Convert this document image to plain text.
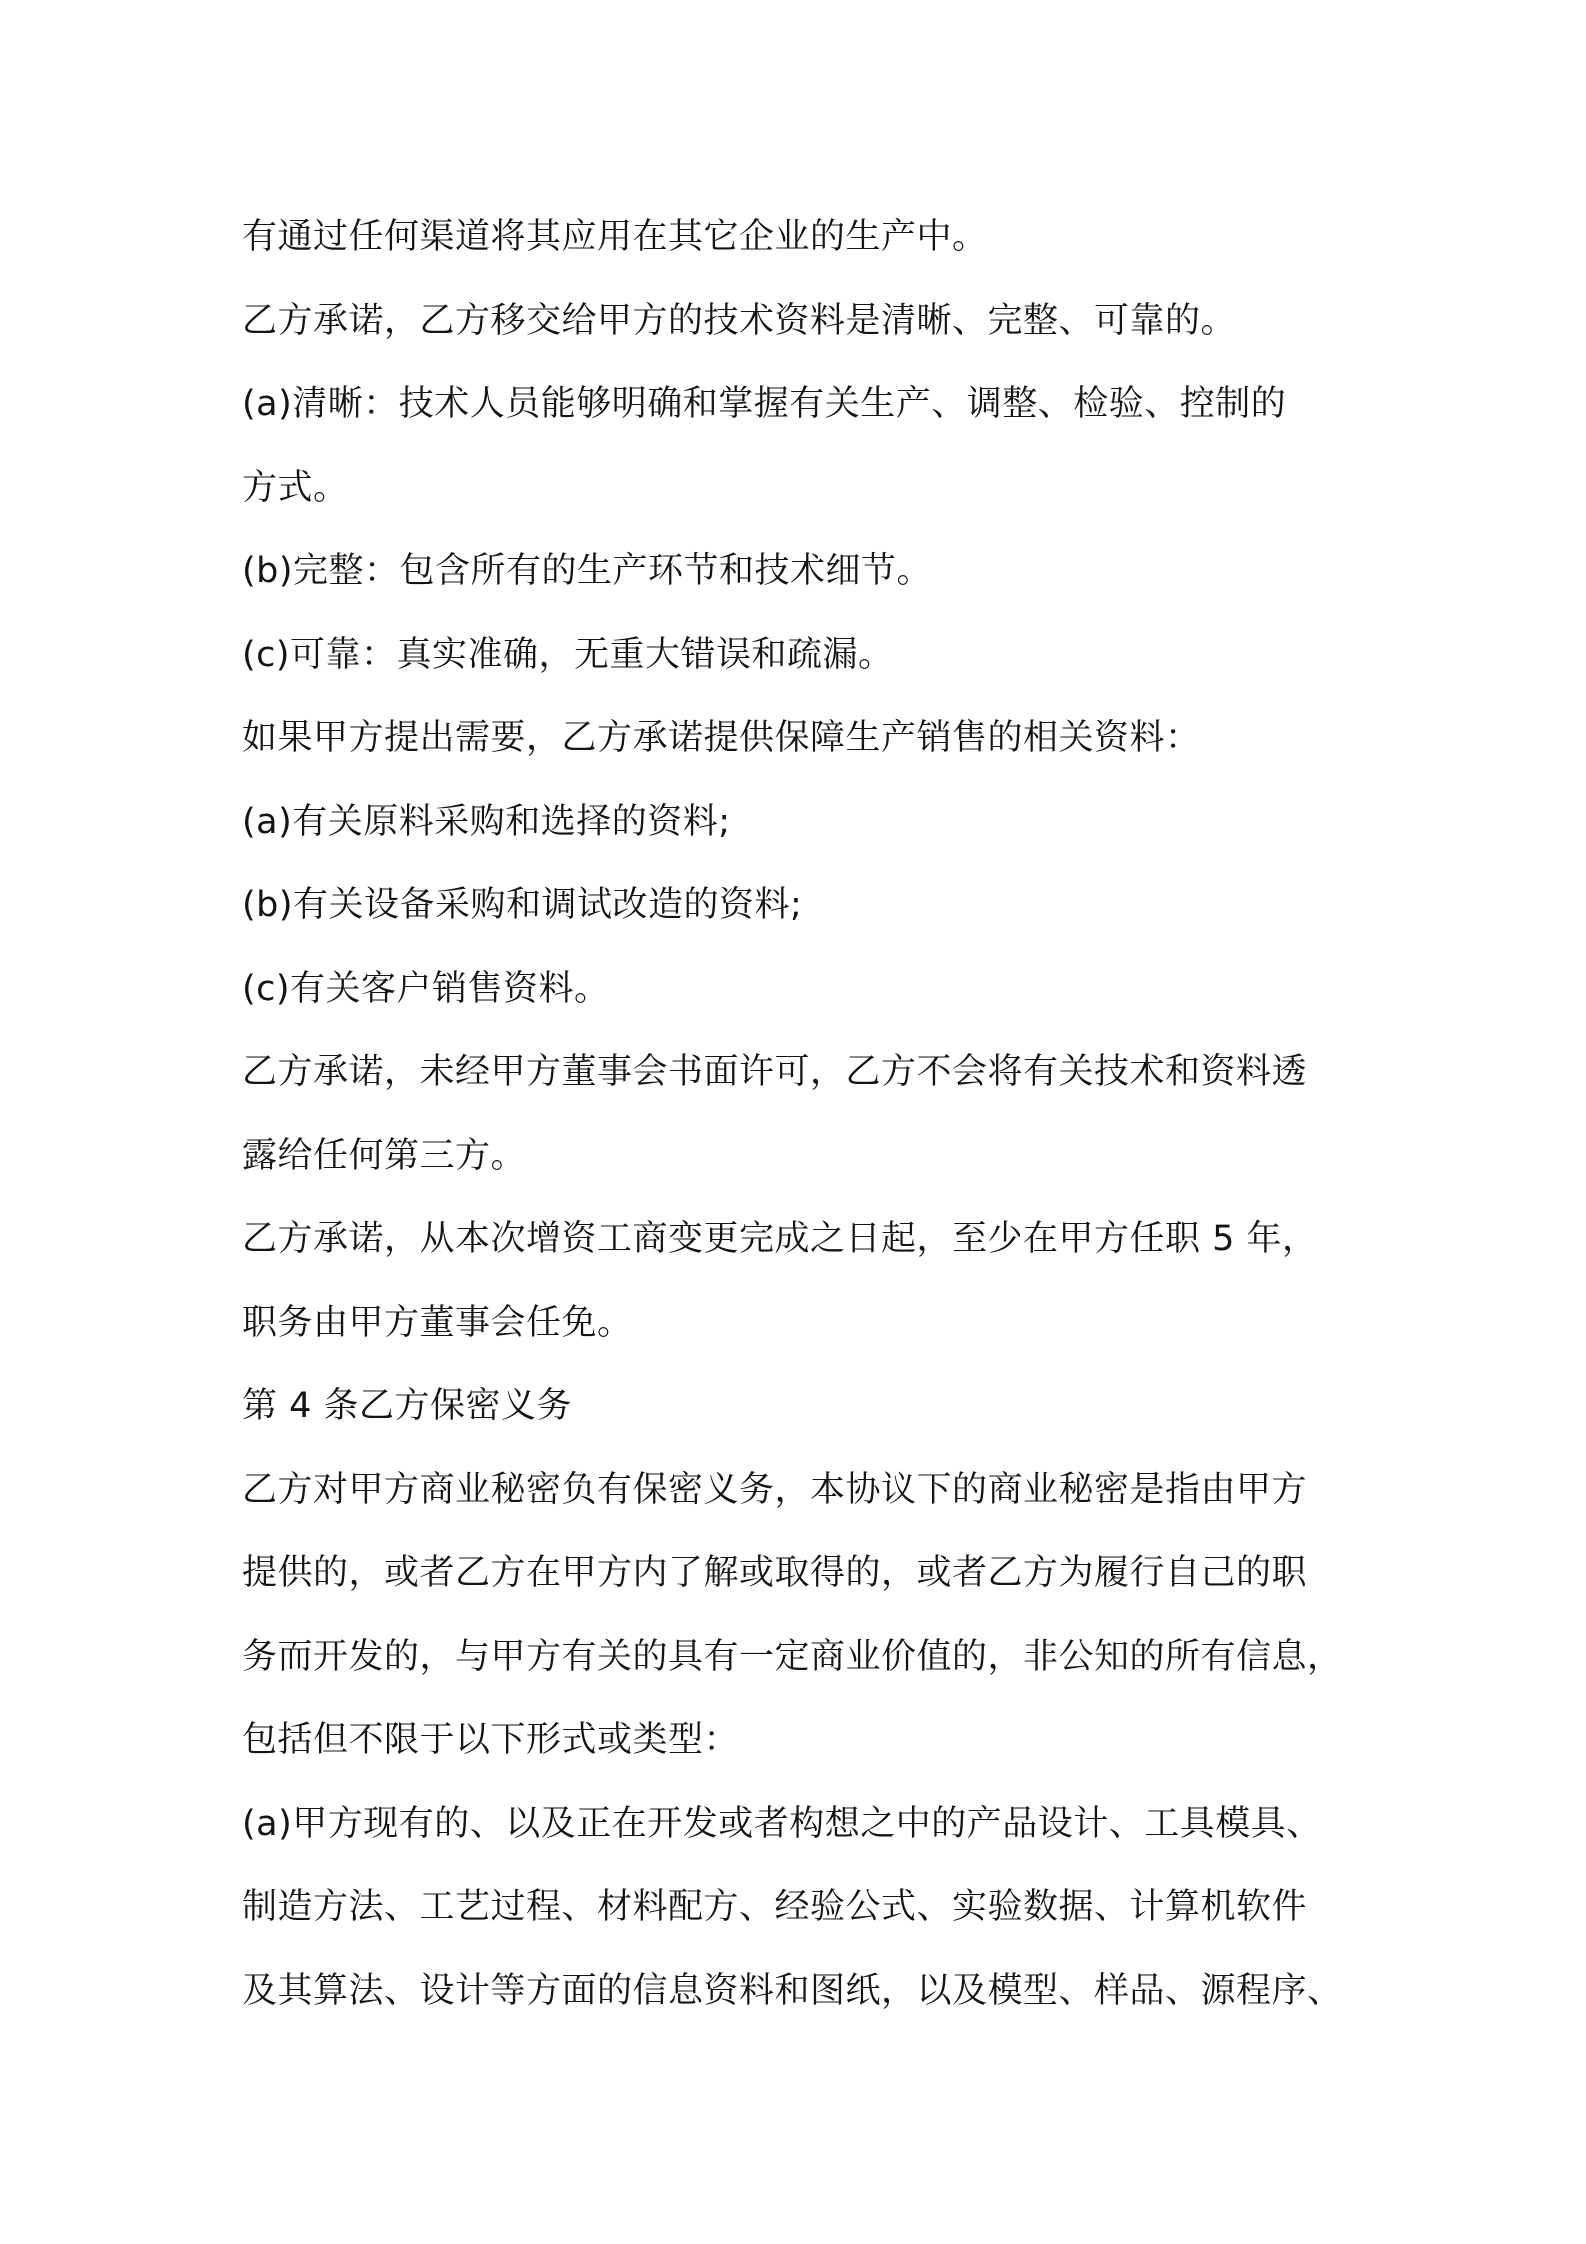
有通过任何渠道将其应用在其它企业的生产中。
乙方承诺，乙方移交给甲方的技术资料是清晰、完整、可靠的。
(a)清晰：技术人员能够明确和掌握有关生产、调整、检验、控制的
方式。
(b)完整：包含所有的生产环节和技术细节。
(c)可靠：真实准确，无重大错误和疏漏。
如果甲方提出需要，乙方承诺提供保障生产销售的相关资料：
(a)有关原料采购和选择的资料;
(b)有关设备采购和调试改造的资料;
(c)有关客户销售资料。
乙方承诺，未经甲方董事会书面许可，乙方不会将有关技术和资料透
露给任何第三方。
乙方承诺，从本次增资工商变更完成之日起，至少在甲方任职 5 年，
职务由甲方董事会任免。
第 4 条乙方保密义务
乙方对甲方商业秘密负有保密义务，本协议下的商业秘密是指由甲方
提供的，或者乙方在甲方内了解或取得的，或者乙方为履行自己的职
务而开发的，与甲方有关的具有一定商业价值的，非公知的所有信息，
包括但不限于以下形式或类型：
(a)甲方现有的、以及正在开发或者构想之中的产品设计、工具模具、
制造方法、工艺过程、材料配方、经验公式、实验数据、计算机软件
及其算法、设计等方面的信息资料和图纸，以及模型、样品、源程序、
